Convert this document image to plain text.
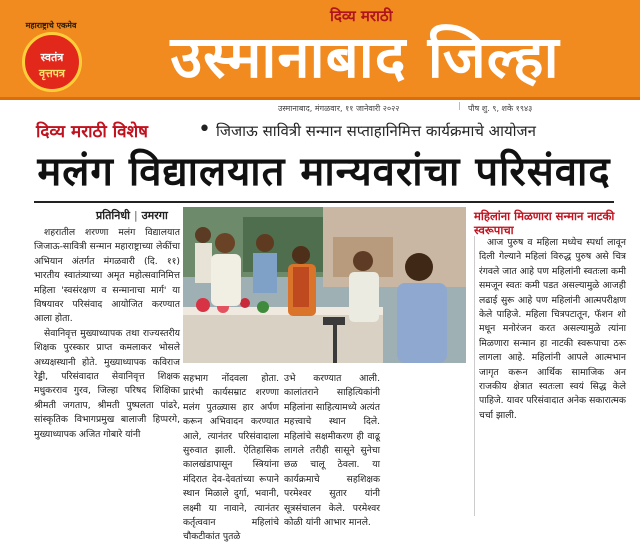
महाराष्ट्राचे एकमेव
स्वतंत्र
वृत्तपत्र
दिव्य मराठी
उस्मानाबाद जिल्हा
उस्मानाबाद, मंगळवार, ११ जानेवारी २०२२	| पौष शु. ९, शके १९४३
दिव्य मराठी विशेष • जिजाऊ सावित्री सन्मान सप्ताहानिमित्त कार्यक्रमाचे आयोजन
मलंग विद्यालयात मान्यवरांचा परिसंवाद
प्रतिनिधी | उमरगा

शहरातील शरण्णा मलंग विद्यालयात जिजाऊ-सावित्री सन्मान महाराष्ट्राच्या लेकींचा अभियान अंतर्गत मंगळवारी (दि. ११) भारतीय स्वातंत्र्याच्या अमृत महोत्सवानिमित्त महिला 'स्वसंरक्षण व सन्मानाचा मार्ग' या विषयावर परिसंवाद आयोजित करण्यात आला होता.

सेवानिवृत्त मुख्याध्यापक तथा राज्यस्तरीय शिक्षक पुरस्कार प्राप्त कमलाकर भोसले अध्यक्षस्थानी होते. मुख्याध्यापक कविराज रेड्डी, परिसंवादात सेवानिवृत्त शिक्षक मधुकरराव गुरव, जिल्हा परिषद शिक्षिका श्रीमती जगताप, श्रीमती पुष्पलता पांढरे, सांस्कृतिक विभागप्रमुख बालाजी हिप्परगे, मुख्याध्यापक अजित गोबारे यांनी

सहभाग नोंदवला होता. प्रारंभी कार्यसम्राट शरण्णा मलंग पुतळ्यास हार अर्पण करून अभिवादन करण्यात आले, त्यानंतर परिसंवादाला सुरुवात झाली. ऐतिहासिक कालखंडापासून स्त्रियांना मंदिरात देव-देवतांच्या रूपाने स्थान मिळाले दुर्गा, भवानी, लक्ष्मी या नावाने, त्यानंतर कर्तृत्ववान महिलांचे चौकटीकांत पुतळे

उभे करण्यात आली. कालांतराने साहित्यिकांनी महिलांना साहित्यामध्ये अत्यंत महत्त्वाचे स्थान दिले. महिलांचे सक्षमीकरण ही वाढू लागले तरीही सासूने सुनेचा छळ चालू ठेवला. या कार्यक्रमाचे सहशिक्षक परमेश्वर सुतार यांनी सूत्रसंचालन केले. परमेश्वर कोळी यांनी आभार मानले.

महिलांना मिळणारा सन्मान नाटकी स्वरूपाचा

आज पुरुष व महिला मध्येच स्पर्धा लावून दिली गेल्याने महिलां विरुद्ध पुरुष असे चित्र रंगवले जात आहे पण महिलांनी स्वतःला कमी समजून स्वतः कमी पडत असल्यामुळे आजही लढाई सुरू आहे पण महिलांनी आत्मपरीक्षण केले पाहिजे. महिला चित्रपटातून, फॅशन शो मधून मनोरंजन करत असल्यामुळे त्यांना मिळणारा सन्मान हा नाटकी स्वरूपाचा ठरू लागला आहे. महिलांनी आपले आत्मभान जागृत करून आर्थिक सामाजिक अन राजकीय क्षेत्रात स्वतःला स्वयं सिद्ध केले पाहिजे. यावर परिसंवादात अनेक सकारात्मक चर्चा झाली.
